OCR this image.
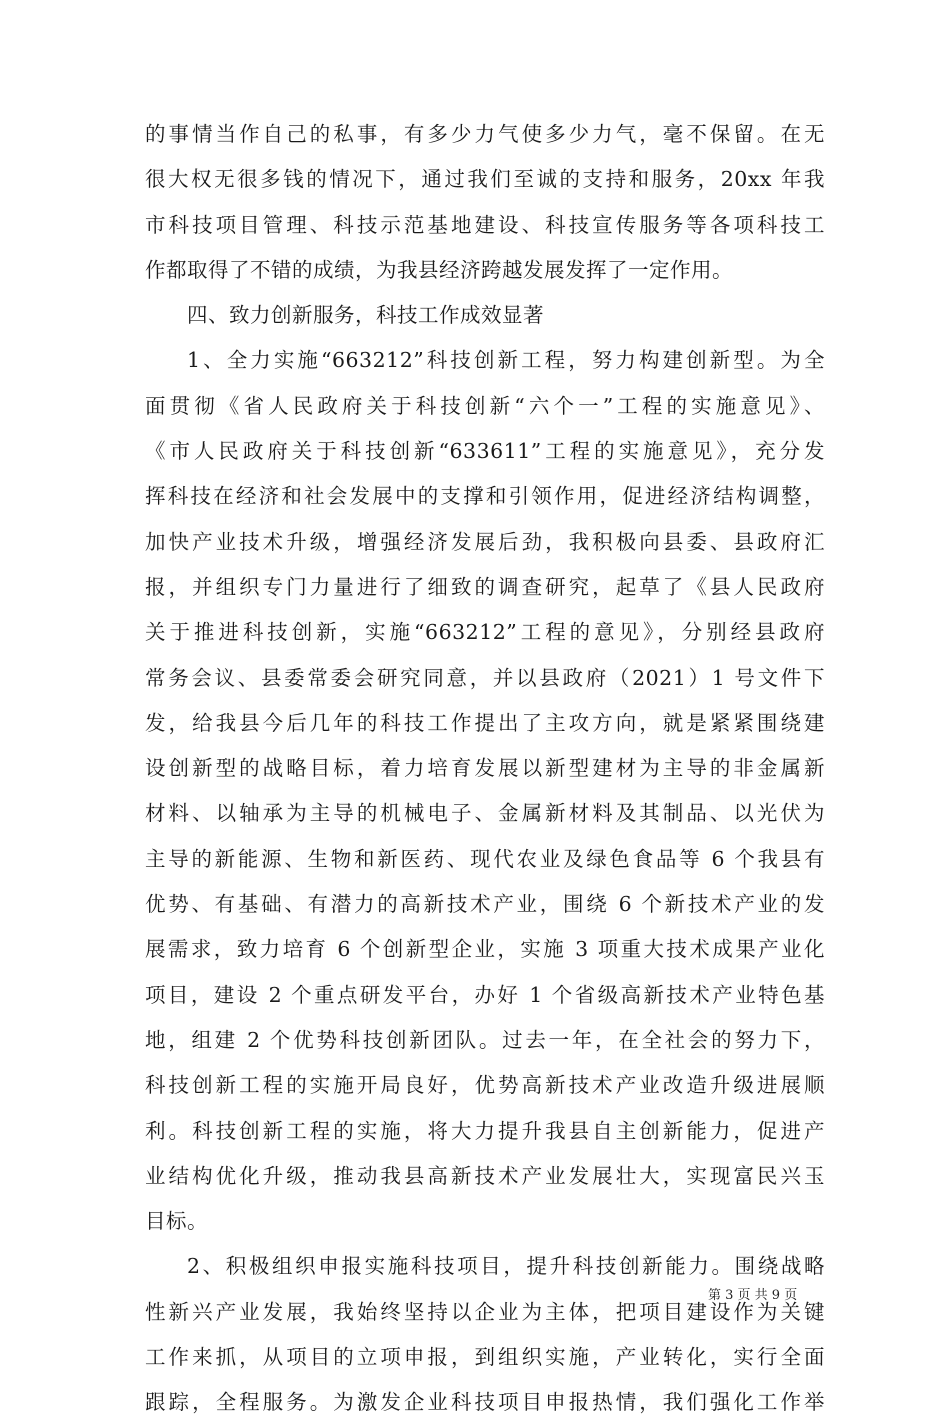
的事情当作自己的私事，有多少力气使多少力气，毫不保留。在无
很大权无很多钱的情况下，通过我们至诚的支持和服务，20xx 年我
市科技项目管理、科技示范基地建设、科技宣传服务等各项科技工
作都取得了不错的成绩，为我县经济跨越发展发挥了一定作用。
四、致力创新服务，科技工作成效显著
1、全力实施“663212”科技创新工程，努力构建创新型。为全
面贯彻《省人民政府关于科技创新“六个一”工程的实施意见》、
《市人民政府关于科技创新“633611”工程的实施意见》，充分发
挥科技在经济和社会发展中的支撑和引领作用，促进经济结构调整，
加快产业技术升级，增强经济发展后劲，我积极向县委、县政府汇
报，并组织专门力量进行了细致的调查研究，起草了《县人民政府
关于推进科技创新，实施“663212”工程的意见》，分别经县政府
常务会议、县委常委会研究同意，并以县政府（2021）1 号文件下
发，给我县今后几年的科技工作提出了主攻方向，就是紧紧围绕建
设创新型的战略目标，着力培育发展以新型建材为主导的非金属新
材料、以轴承为主导的机械电子、金属新材料及其制品、以光伏为
主导的新能源、生物和新医药、现代农业及绿色食品等 6 个我县有
优势、有基础、有潜力的高新技术产业，围绕 6 个新技术产业的发
展需求，致力培育 6 个创新型企业，实施 3 项重大技术成果产业化
项目，建设 2 个重点研发平台，办好 1 个省级高新技术产业特色基
地，组建 2 个优势科技创新团队。过去一年，在全社会的努力下，
科技创新工程的实施开局良好，优势高新技术产业改造升级进展顺
利。科技创新工程的实施，将大力提升我县自主创新能力，促进产
业结构优化升级，推动我县高新技术产业发展壮大，实现富民兴玉
目标。
2、积极组织申报实施科技项目，提升科技创新能力。围绕战略
性新兴产业发展，我始终坚持以企业为主体，把项目建设作为关键
工作来抓，从项目的立项申报，到组织实施，产业转化，实行全面
跟踪，全程服务。为激发企业科技项目申报热情，我们强化工作举
第 3 页 共 9 页
